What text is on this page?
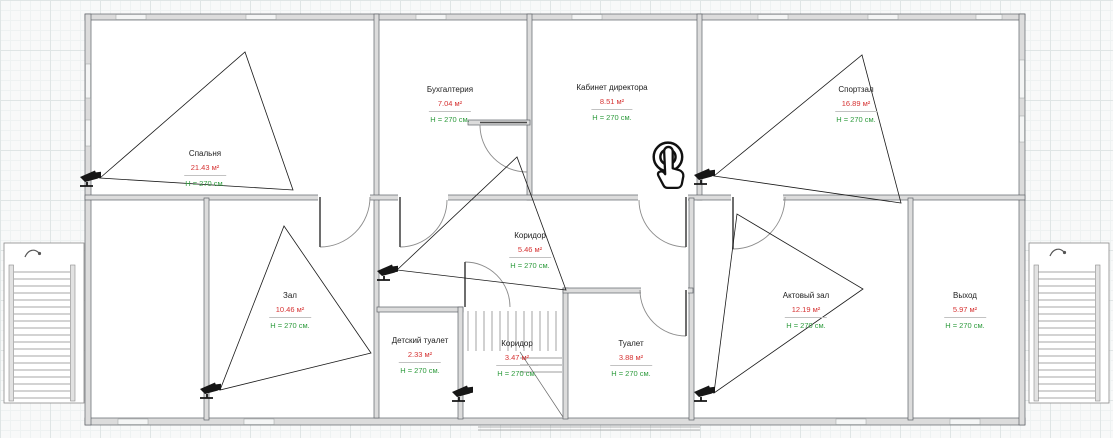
Спальня
21.43 м²
Н = 270 см.
Бухгалтерия
7.04 м²
Н = 270 см.
Кабинет директора
8.51 м²
Н = 270 см.
Спортзал
16.89 м²
Н = 270 см.
Зал
10.46 м²
Н = 270 см.
Коридор
5.46 м²
Н = 270 см.
Детский туалет
2.33 м²
Н = 270 см.
Коридор
3.47 м²
Н = 270 см.
Туалет
3.88 м²
Н = 270 см.
Актовый зал
12.19 м²
Н = 270 см.
Выход
5.97 м²
Н = 270 см.
